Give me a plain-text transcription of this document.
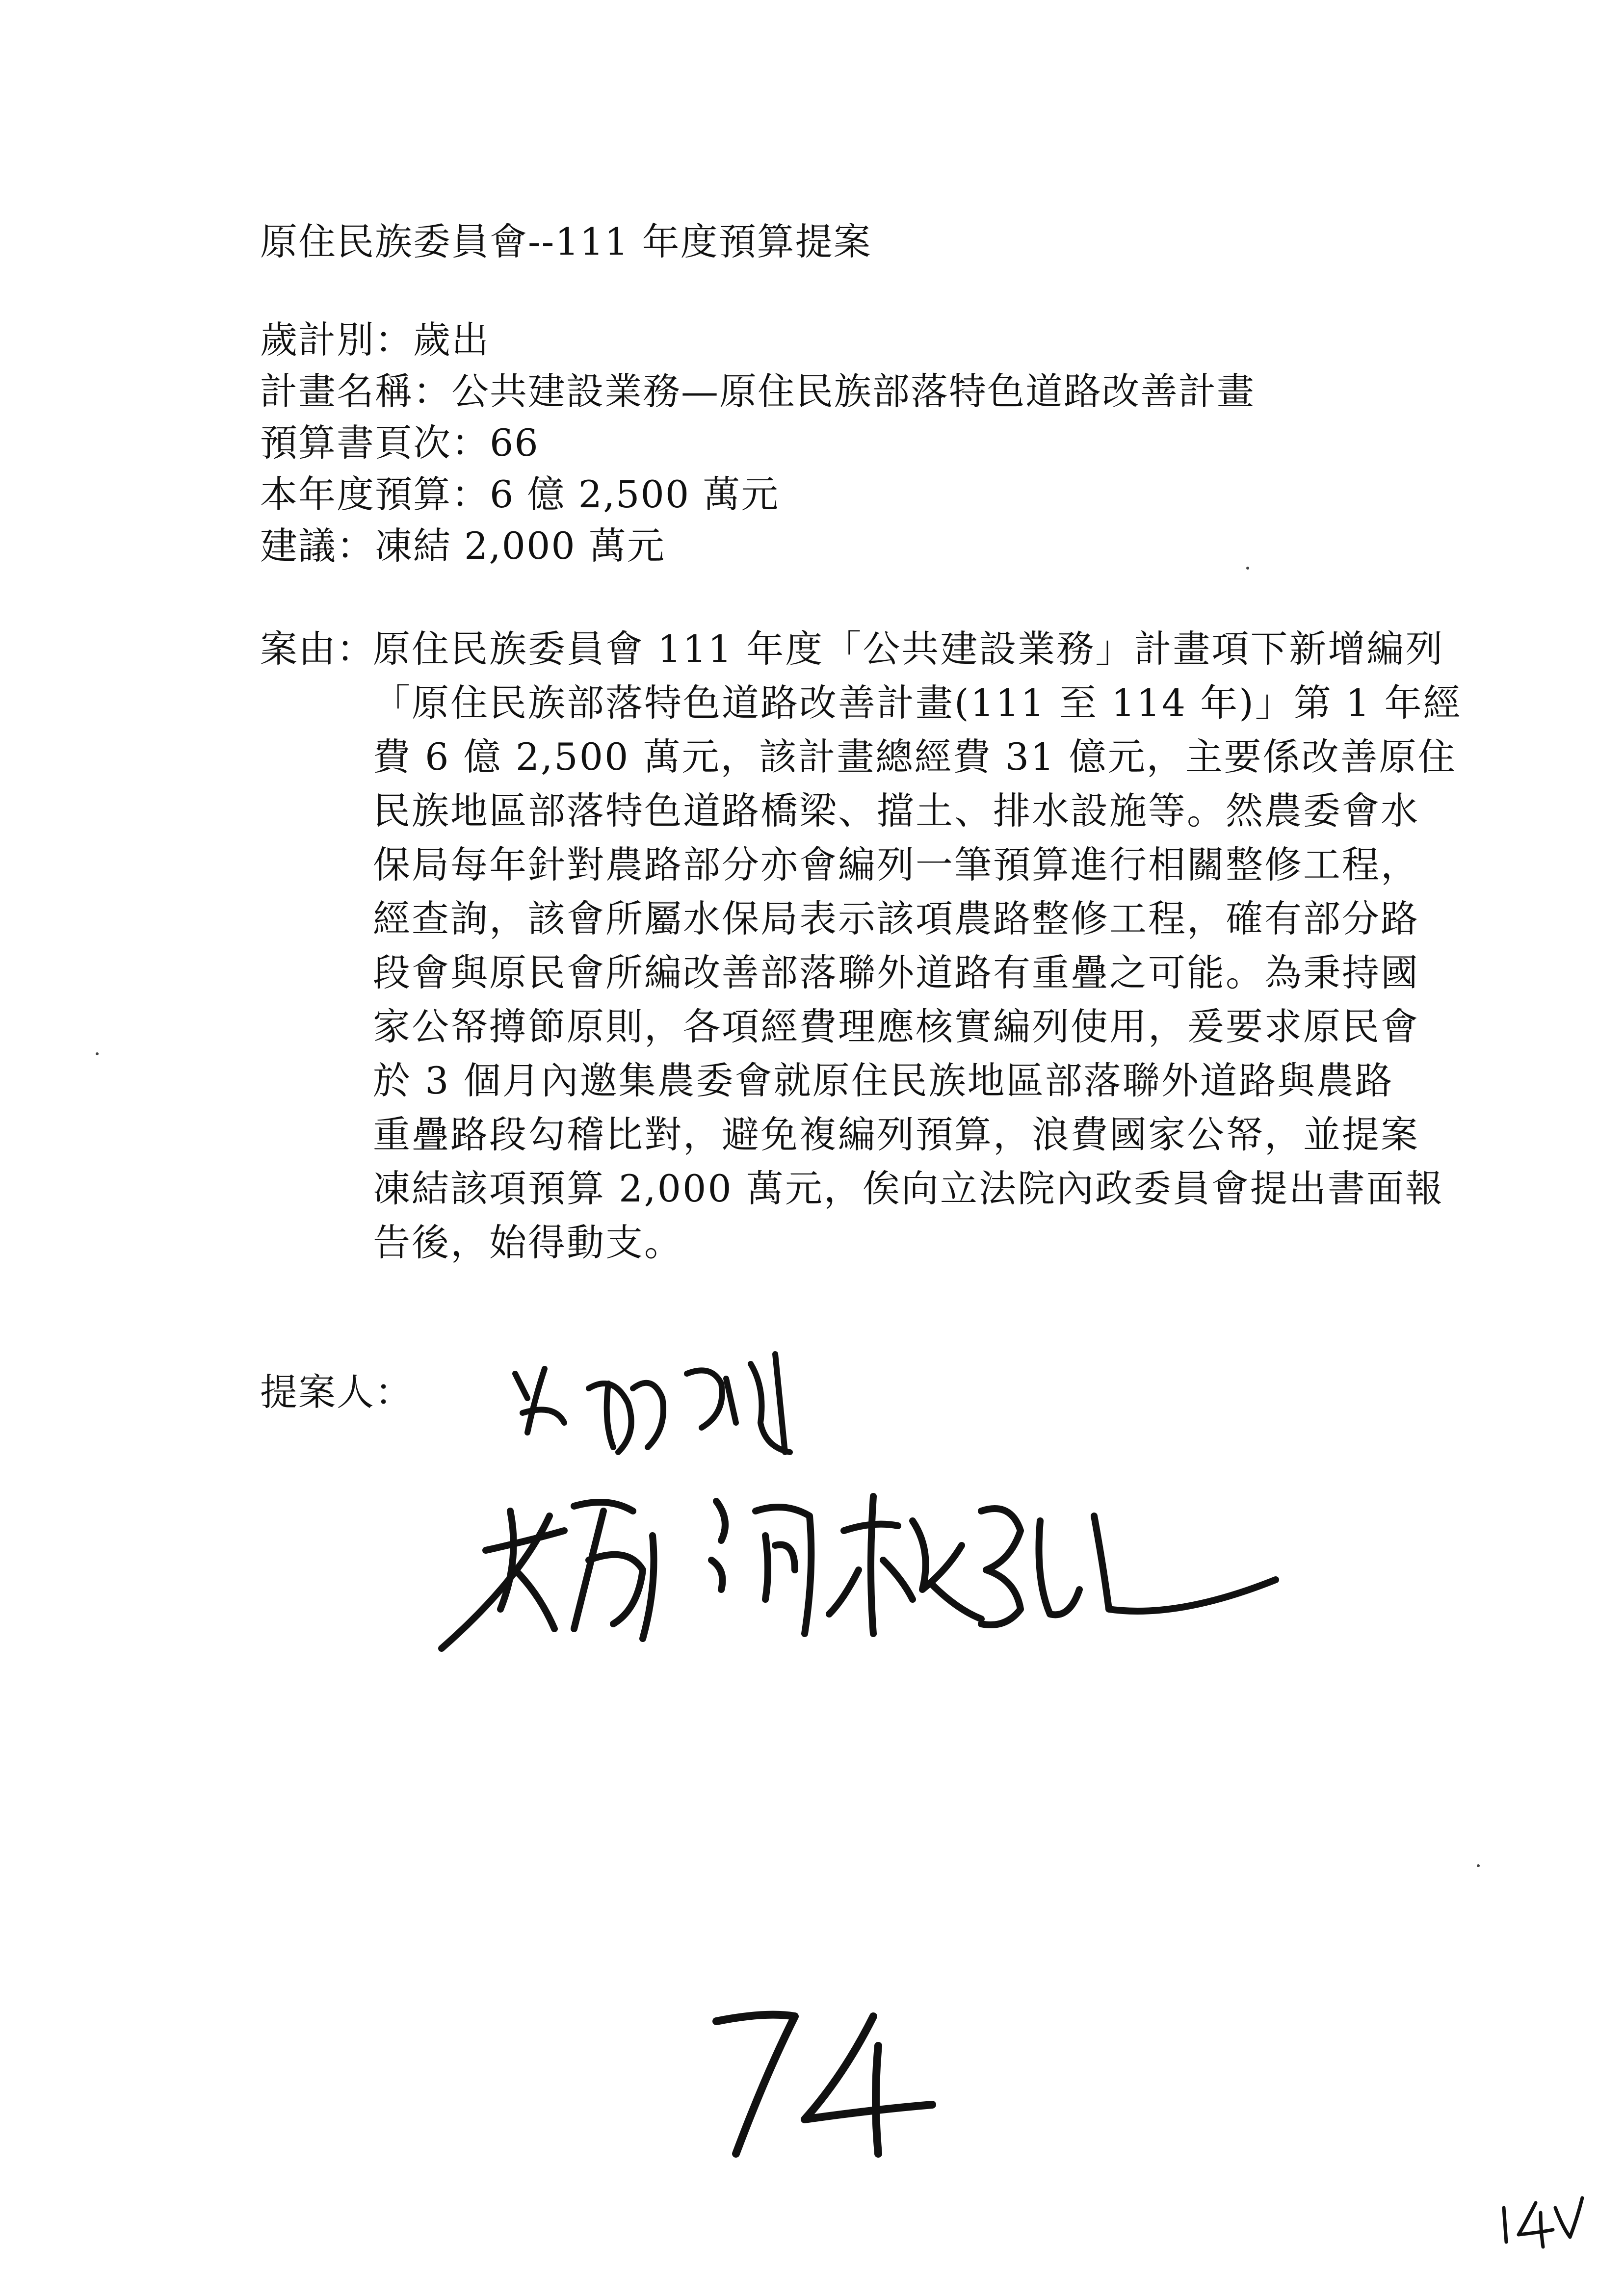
原住民族委員會--111 年度預算提案
歲計別：歲出
計畫名稱：公共建設業務—原住民族部落特色道路改善計畫
預算書頁次：66
本年度預算：6 億 2,500 萬元
建議：凍結 2,000 萬元
案由：
原住民族委員會 111 年度「公共建設業務」計畫項下新增編列
「原住民族部落特色道路改善計畫(111 至 114 年)」第 1 年經
費 6 億 2,500 萬元，該計畫總經費 31 億元，主要係改善原住
民族地區部落特色道路橋梁、擋土、排水設施等。然農委會水
保局每年針對農路部分亦會編列一筆預算進行相關整修工程，
經查詢，該會所屬水保局表示該項農路整修工程，確有部分路
段會與原民會所編改善部落聯外道路有重疊之可能。為秉持國
家公帑撙節原則，各項經費理應核實編列使用，爰要求原民會
於 3 個月內邀集農委會就原住民族地區部落聯外道路與農路
重疊路段勾稽比對，避免複編列預算，浪費國家公帑，並提案
凍結該項預算 2,000 萬元，俟向立法院內政委員會提出書面報
告後，始得動支。
提案人：
